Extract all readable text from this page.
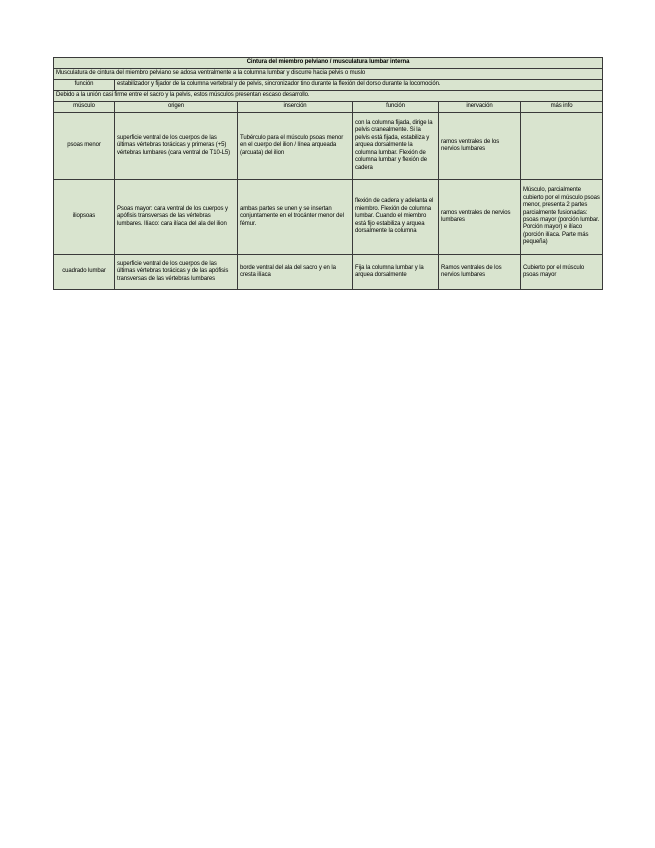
Cintura del miembro pelviano / musculatura lumbar interna					
Musculatura de cintura del miembro pelviano se adosa ventralmente a la columna lumbar y discurre hacia pelvis o muslo					
función	estabilizador y fijador de la columna vertebral y de pelvis, sincronizador tino durante la flexión del dorso durante la locomoción.				
Debido a la unión casi firme entre el sacro y la pelvis, estos músculos presentan escaso desarrollo.					
músculo	origen	inserción	función	inervación	más info
psoas menor	superficie ventral de los cuerpos de las últimas vértebras torácicas y primeras (+5) vértebras lumbares (cara ventral de T10-L5)	Tubérculo para el músculo psoas menor en el cuerpo del ilion / línea arqueada (arcuata) del ilion	con la columna fijada, dirige la pelvis cranealmente. Si la pelvis está fijada, estabiliza y arquea dorsalmente la columna lumbar. Flexión de columna lumbar y flexión de cadera	ramos ventrales de los nervios lumbares	
iliopsoas	Psoas mayor: cara ventral de los cuerpos y apófisis transversas de las vértebras lumbares. Ilíaco: cara ilíaca del ala del ilion	ambas partes se unen y se insertan conjuntamente en el trocánter menor del fémur.	flexión de cadera y adelanta el miembro. Flexión de columna lumbar. Cuando el miembro está fijo estabiliza y arquea dorsalmente la columna	ramos ventrales de nervios lumbares	Músculo, parcialmente cubierto por el músculo psoas menor, presenta 2 partes parcialmente fusionadas: psoas mayor (porción lumbar. Porción mayor) e ilíaco (porción ilíaca. Parte más pequeña)
cuadrado lumbar	superficie ventral de los cuerpos de las últimas vértebras torácicas y de las apófisis transversas de las vértebras lumbares	borde ventral del ala del sacro y en la cresta ilíaca	Fija la columna lumbar y la arquea dorsalmente	Ramos ventrales de los nervios lumbares	Cubierto por el músculo psoas mayor
